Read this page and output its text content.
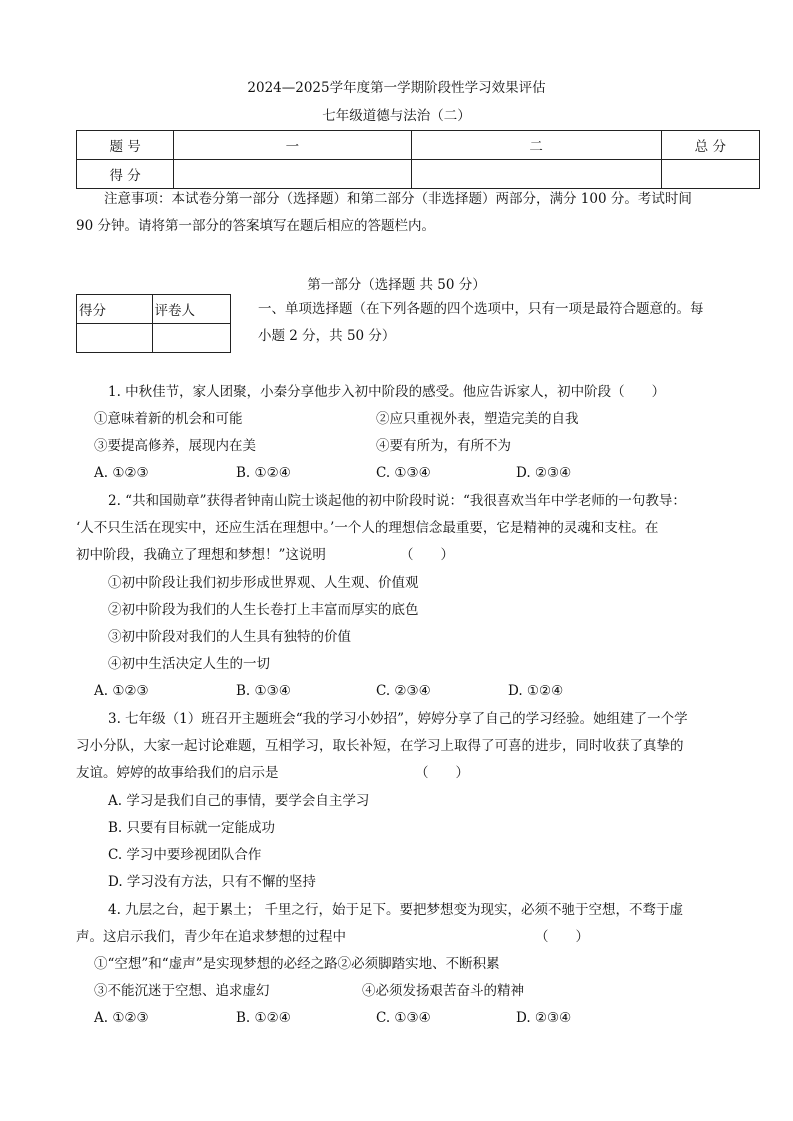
2024—2025学年度第一学期阶段性学习效果评估
七年级道德与法治（二）
题 号	一	二	总 分
得 分			
注意事项：本试卷分第一部分（选择题）和第二部分（非选择题）两部分，满分 100 分。考试时间
90 分钟。请将第一部分的答案填写在题后相应的答题栏内。
第一部分（选择题 共 50 分）
得分	评卷人
		一、单项选择题（在下列各题的四个选项中，只有一项是最符合题意的。每
小题 2 分，共 50 分）
1. 中秋佳节，家人团聚，小秦分享他步入初中阶段的感受。他应告诉家人，初中阶段（　　）
①意味着新的机会和可能	②应只重视外表，塑造完美的自我
③要提高修养，展现内在美	④要有所为，有所不为
A. ①②③	B. ①②④	C. ①③④	D. ②③④
2. “共和国勋章”获得者钟南山院士谈起他的初中阶段时说：“我很喜欢当年中学老师的一句教导：
‘人不只生活在现实中，还应生活在理想中。’一个人的理想信念最重要，它是精神的灵魂和支柱。在
初中阶段，我确立了理想和梦想！”这说明	（　　）
①初中阶段让我们初步形成世界观、人生观、价值观
②初中阶段为我们的人生长卷打上丰富而厚实的底色
③初中阶段对我们的人生具有独特的价值
④初中生活决定人生的一切
A. ①②③	B. ①③④	C. ②③④	D. ①②④
3. 七年级（1）班召开主题班会“我的学习小妙招”，婷婷分享了自己的学习经验。她组建了一个学
习小分队，大家一起讨论难题，互相学习，取长补短，在学习上取得了可喜的进步，同时收获了真挚的
友谊。婷婷的故事给我们的启示是	（　　）
A. 学习是我们自己的事情，要学会自主学习
B. 只要有目标就一定能成功
C. 学习中要珍视团队合作
D. 学习没有方法，只有不懈的坚持
4. 九层之台，起于累土； 千里之行，始于足下。要把梦想变为现实，必须不驰于空想，不骛于虚
声。这启示我们，青少年在追求梦想的过程中	（　　）
①“空想”和“虚声”是实现梦想的必经之路②必须脚踏实地、不断积累
③不能沉迷于空想、追求虚幻	④必须发扬艰苦奋斗的精神
A. ①②③	B. ①②④	C. ①③④	D. ②③④
